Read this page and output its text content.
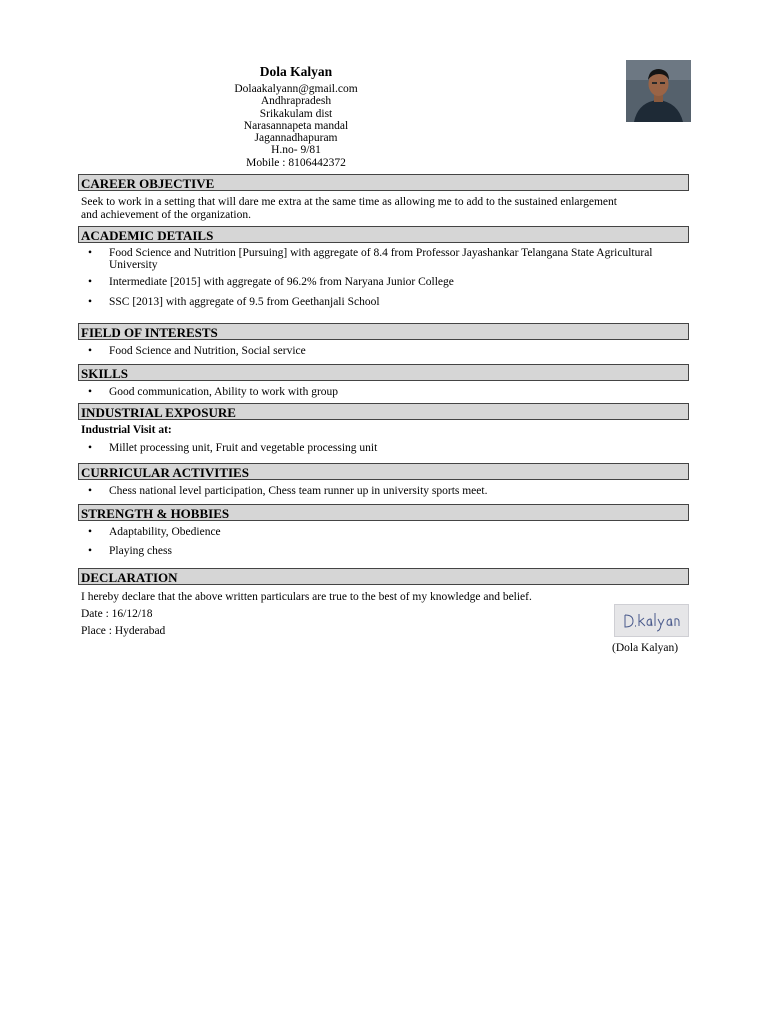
Dola Kalyan
Dolaakalyann@gmail.com
Andhrapradesh
Srikakulam dist
Narasannapeta mandal
Jagannadhapuram
H.no- 9/81
Mobile : 8106442372
CAREER OBJECTIVE
Seek to work in a setting that will dare me extra at the same time as allowing me to add to the sustained enlargement
and achievement of the organization.
ACADEMIC DETAILS
•	Food Science and Nutrition [Pursuing] with aggregate of 8.4 from Professor Jayashankar Telangana State Agricultural University
•	Intermediate [2015] with aggregate of 96.2% from Naryana Junior College
•	SSC [2013] with aggregate of 9.5 from Geethanjali School
FIELD OF INTERESTS
•	Food Science and Nutrition, Social service
SKILLS
•	Good communication, Ability to work with group
INDUSTRIAL EXPOSURE
Industrial Visit at:
•	Millet processing unit, Fruit and vegetable processing unit
CURRICULAR ACTIVITIES
•	Chess national level participation, Chess team runner up in university sports meet.
STRENGTH & HOBBIES
•	Adaptability, Obedience
•	Playing chess
DECLARATION
I hereby declare that the above written particulars are true to the best of my knowledge and belief.
Date : 16/12/18
Place : Hyderabad
(Dola Kalyan)
